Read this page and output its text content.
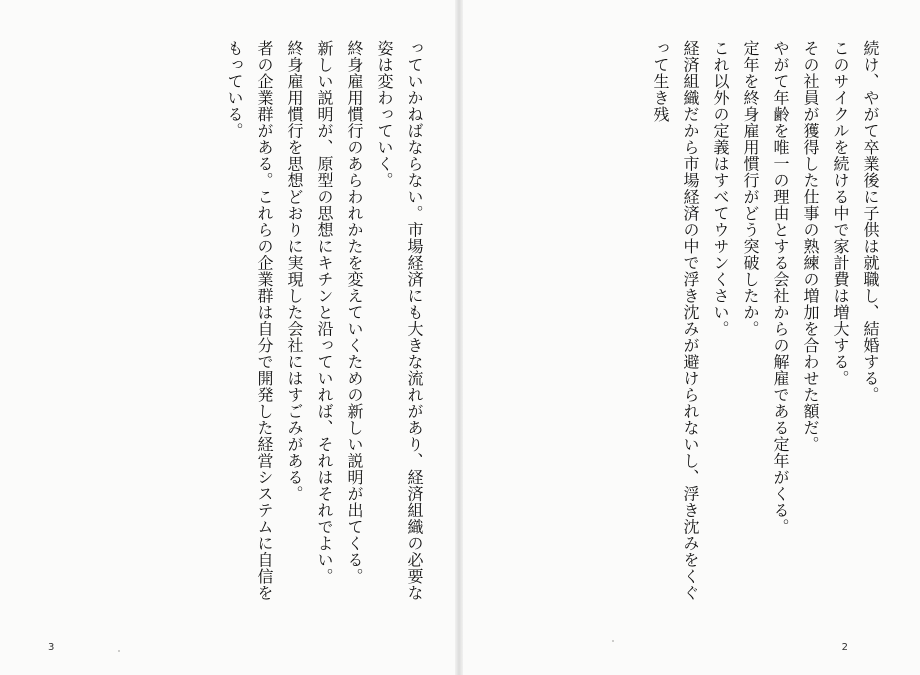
続け、やがて卒業後に子供は就職し、結婚する。

このサイクルを続ける中で家計費は増大する。

その社員が獲得した仕事の熟練の増加を合わせた額だ。

やがて年齢を唯一の理由とする会社からの解雇である定年がくる。

定年を終身雇用慣行がどう突破したか。

これ以外の定義はすべてウサンくさい。

経済組織だから市場経済の中で浮き沈みが避けられないし、浮き沈みをくぐって生き残

2

っていかねばならない。市場経済にも大きな流れがあり、経済組織の必要な姿は変わっていく。

終身雇用慣行のあらわれかたを変えていくための新しい説明が出てくる。

新しい説明が、原型の思想にキチンと沿っていれば、それはそれでよい。

終身雇用慣行を思想どおりに実現した会社にはすごみがある。

者の企業群がある。これらの企業群は自分で開発した経営システムに自信をもっている。

3
